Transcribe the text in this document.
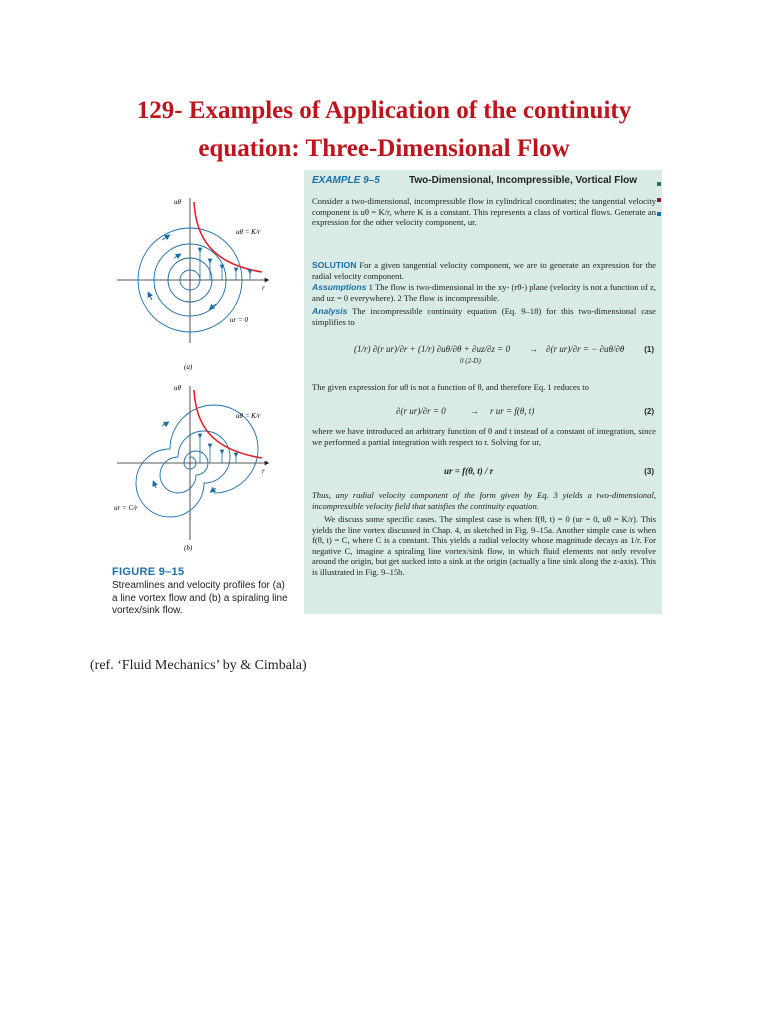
129- Examples of Application of the continuity
equation: Three-Dimensional Flow
uθ
r
uθ = K/r
ur = 0
(a)
uθ
r
uθ = K/r
ur = C/r
(b)
FIGURE 9–15
Streamlines and velocity profiles for (a) a line vortex flow and (b) a spiraling line vortex/sink flow.
EXAMPLE 9–5	Two-Dimensional, Incompressible, Vortical Flow
Consider a two-dimensional, incompressible flow in cylindrical coordinates; the tangential velocity component is uθ = K/r, where K is a constant. This represents a class of vortical flows. Generate an expression for the other velocity component, ur.
SOLUTION For a given tangential velocity component, we are to generate an expression for the radial velocity component.
Assumptions 1 The flow is two-dimensional in the xy- (rθ-) plane (velocity is not a function of z, and uz = 0 everywhere). 2 The flow is incompressible.
Analysis The incompressible continuity equation (Eq. 9–18) for this two-dimensional case simplifies to
(1/r) ∂(r ur)/∂r + (1/r) ∂uθ/∂θ + ∂uz/∂z = 0
0 (2-D)
→ ∂(r ur)/∂r = − ∂uθ/∂θ (1)
The given expression for uθ is not a function of θ, and therefore Eq. 1 reduces to
∂(r ur)/∂r = 0	→ r ur = f(θ, t)	(2)
where we have introduced an arbitrary function of θ and t instead of a constant of integration, since we performed a partial integration with respect to r. Solving for ur,
ur = f(θ, t) / r	(3)
Thus, any radial velocity component of the form given by Eq. 3 yields a two-dimensional, incompressible velocity field that satisfies the continuity equation.
We discuss some specific cases. The simplest case is when f(θ, t) = 0 (ur = 0, uθ = K/r). This yields the line vortex discussed in Chap. 4, as sketched in Fig. 9–15a. Another simple case is when f(θ, t) = C, where C is a constant. This yields a radial velocity whose magnitude decays as 1/r. For negative C, imagine a spiraling line vortex/sink flow, in which fluid elements not only revolve around the origin, but get sucked into a sink at the origin (actually a line sink along the z-axis). This is illustrated in Fig. 9–15b.
(ref. ‘Fluid Mechanics’ by & Cimbala)
